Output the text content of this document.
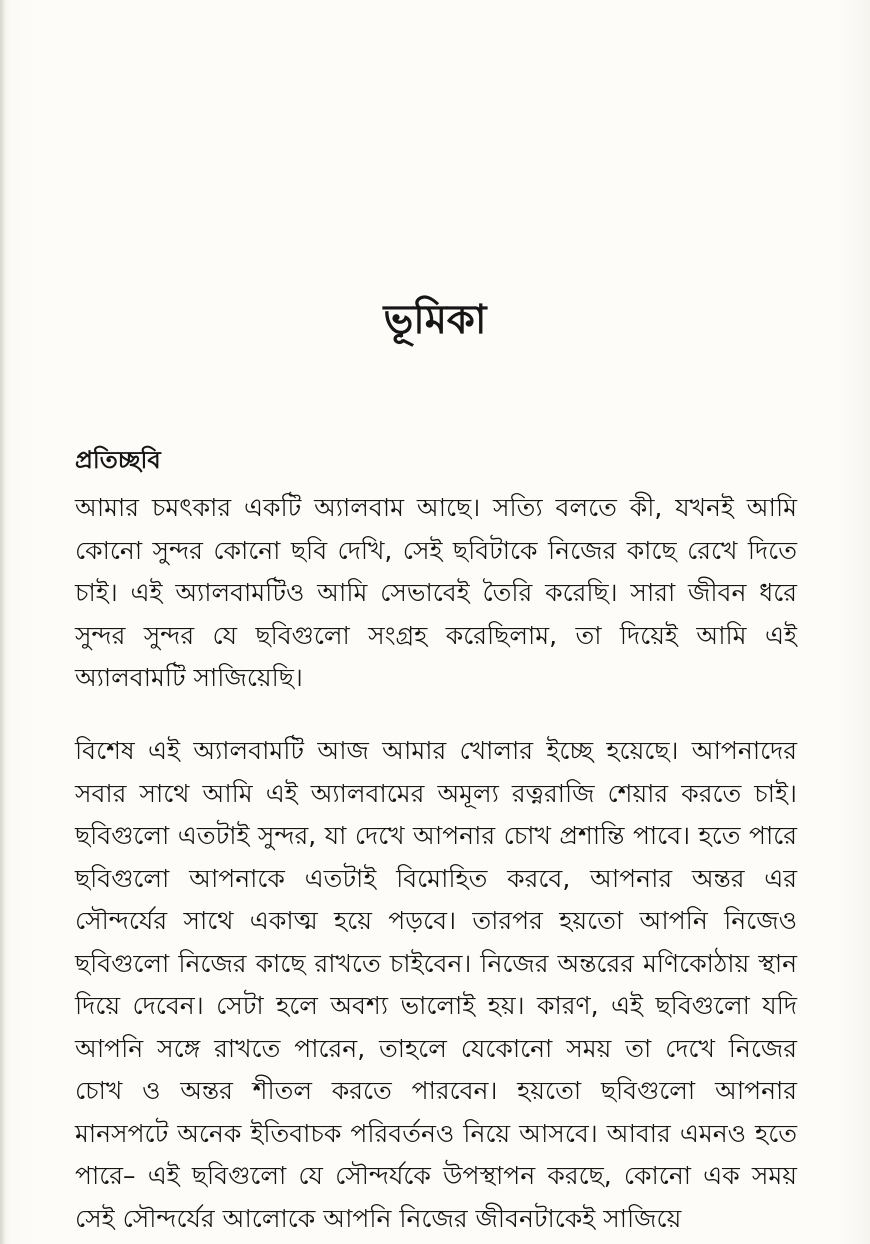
ভূমিকা
প্রতিচ্ছবি

আমার চমৎকার একটি অ্যালবাম আছে। সত্যি বলতে কী, যখনই আমি কোনো সুন্দর কোনো ছবি দেখি, সেই ছবিটাকে নিজের কাছে রেখে দিতে চাই। এই অ্যালবামটিও আমি সেভাবেই তৈরি করেছি। সারা জীবন ধরে সুন্দর সুন্দর যে ছবিগুলো সংগ্রহ করেছিলাম, তা দিয়েই আমি এই অ্যালবামটি সাজিয়েছি।

বিশেষ এই অ্যালবামটি আজ আমার খোলার ইচ্ছে হয়েছে। আপনাদের সবার সাথে আমি এই অ্যালবামের অমূল্য রত্নরাজি শেয়ার করতে চাই। ছবিগুলো এতটাই সুন্দর, যা দেখে আপনার চোখ প্রশান্তি পাবে। হতে পারে ছবিগুলো আপনাকে এতটাই বিমোহিত করবে, আপনার অন্তর এর সৌন্দর্যের সাথে একাত্ম হয়ে পড়বে। তারপর হয়তো আপনি নিজেও ছবিগুলো নিজের কাছে রাখতে চাইবেন। নিজের অন্তরের মণিকোঠায় স্থান দিয়ে দেবেন। সেটা হলে অবশ্য ভালোই হয়। কারণ, এই ছবিগুলো যদি আপনি সঙ্গে রাখতে পারেন, তাহলে যেকোনো সময় তা দেখে নিজের চোখ ও অন্তর শীতল করতে পারবেন। হয়তো ছবিগুলো আপনার মানসপটে অনেক ইতিবাচক পরিবর্তনও নিয়ে আসবে। আবার এমনও হতে পারে– এই ছবিগুলো যে সৌন্দর্যকে উপস্থাপন করছে, কোনো এক সময় সেই সৌন্দর্যের আলোকে আপনি নিজের জীবনটাকেই সাজিয়ে
